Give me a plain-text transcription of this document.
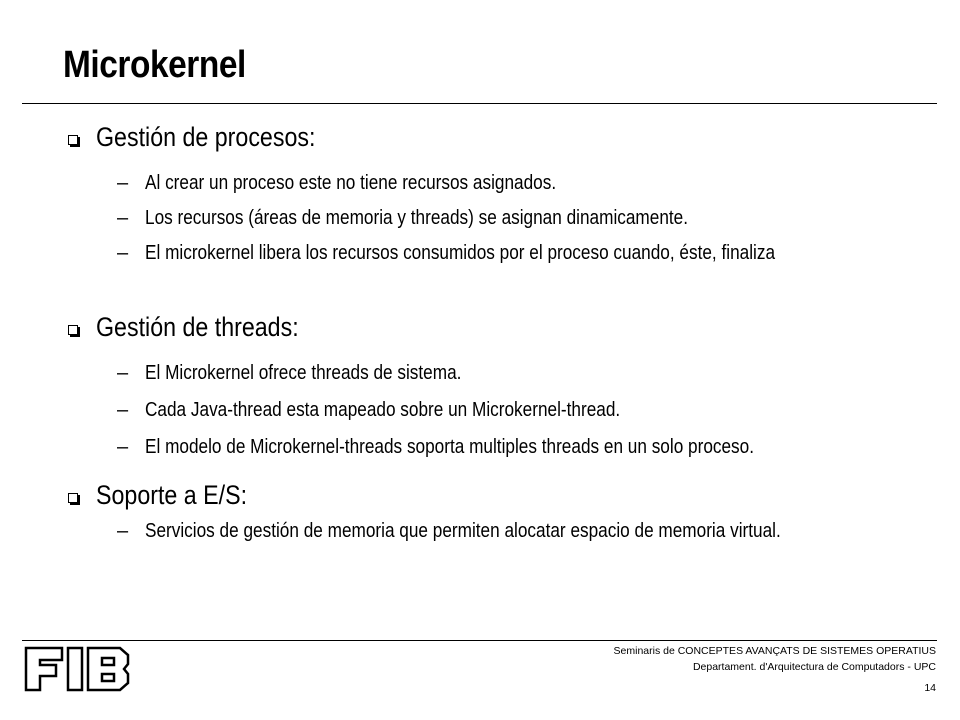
Microkernel
Gestión de procesos:
– Al crear un proceso este no tiene recursos asignados.
– Los recursos (áreas de memoria y threads) se asignan dinamicamente.
– El microkernel libera los recursos consumidos por el proceso cuando, éste, finaliza
Gestión de threads:
– El Microkernel ofrece threads de sistema.
– Cada Java-thread esta mapeado sobre un Microkernel-thread.
– El modelo de Microkernel-threads soporta multiples threads en un solo proceso.
Soporte a E/S:
– Servicios de gestión de memoria que permiten alocatar espacio de memoria virtual.
Seminaris de CONCEPTES AVANÇATS DE SISTEMES OPERATIUS
Departament. d'Arquitectura de Computadors - UPC
14
